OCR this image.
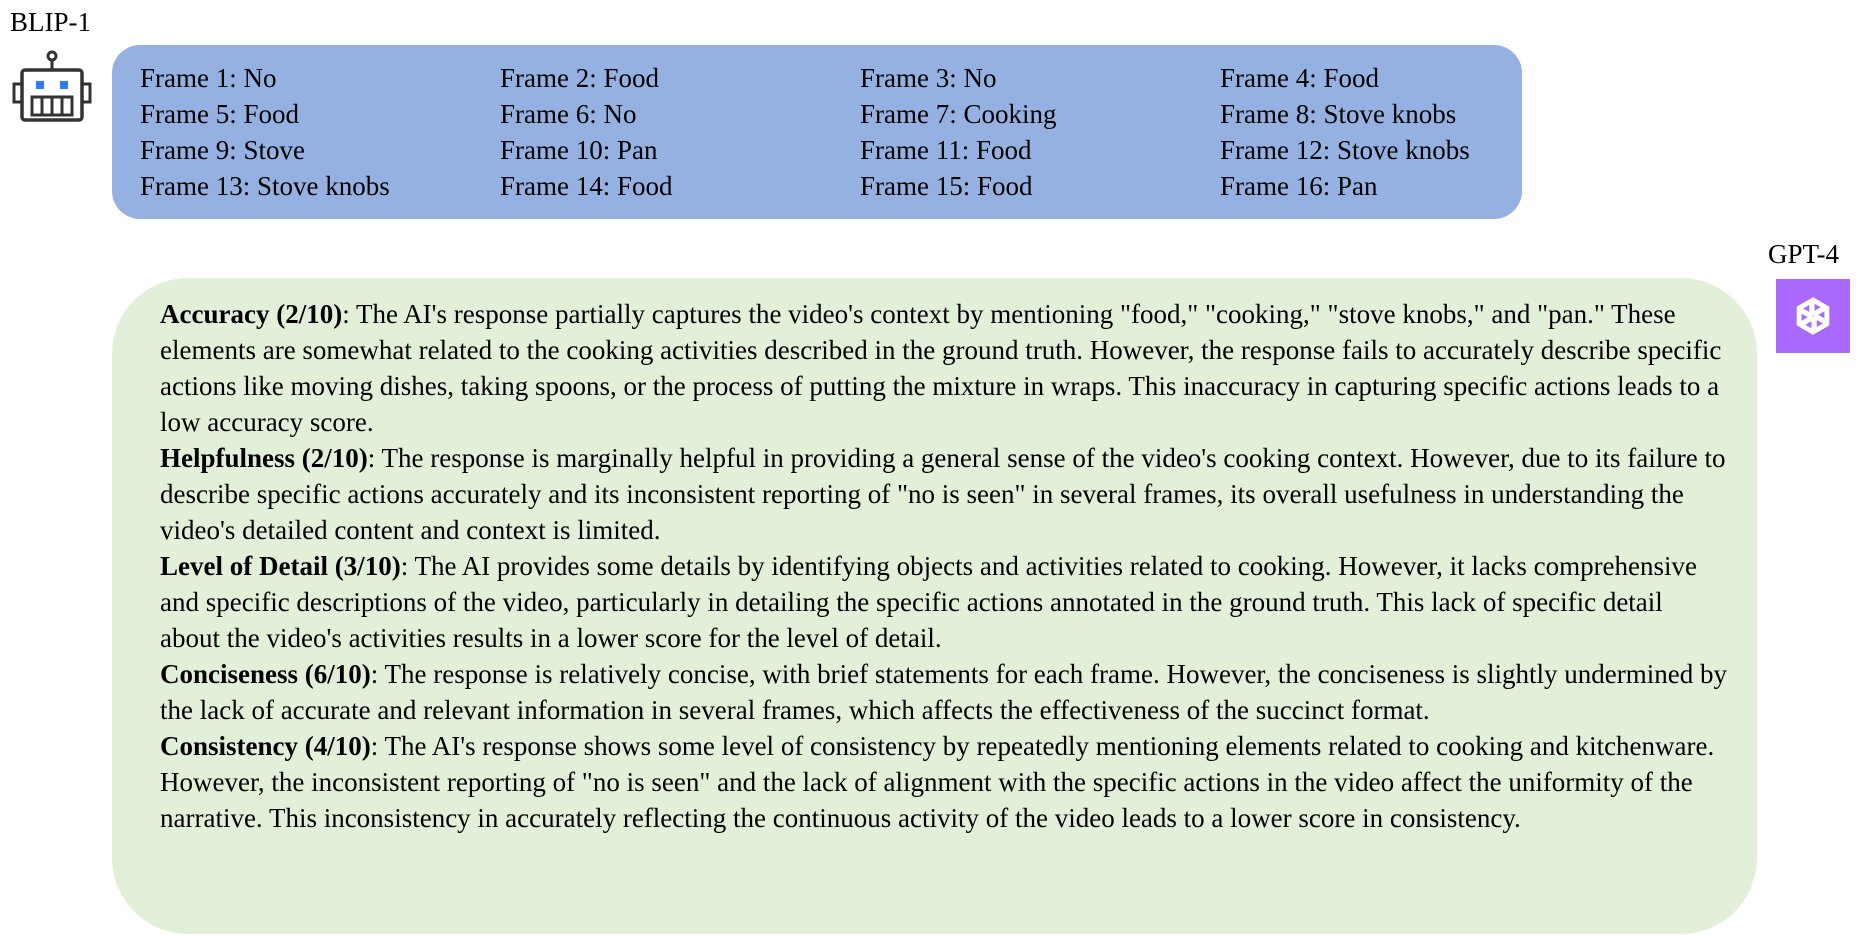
BLIP-1
Frame 1: No	Frame 2: Food	Frame 3: No	Frame 4: Food
Frame 5: Food	Frame 6: No	Frame 7: Cooking	Frame 8: Stove knobs
Frame 9: Stove	Frame 10: Pan	Frame 11: Food	Frame 12: Stove knobs
Frame 13: Stove knobs	Frame 14: Food	Frame 15: Food	Frame 16: Pan
GPT-4

Accuracy (2/10): The AI's response partially captures the video's context by mentioning "food," "cooking," "stove knobs," and "pan." These elements are somewhat related to the cooking activities described in the ground truth. However, the response fails to accurately describe specific actions like moving dishes, taking spoons, or the process of putting the mixture in wraps. This inaccuracy in capturing specific actions leads to a low accuracy score.

Helpfulness (2/10): The response is marginally helpful in providing a general sense of the video's cooking context. However, due to its failure to describe specific actions accurately and its inconsistent reporting of "no is seen" in several frames, its overall usefulness in understanding the video's detailed content and context is limited.

Level of Detail (3/10): The AI provides some details by identifying objects and activities related to cooking. However, it lacks comprehensive and specific descriptions of the video, particularly in detailing the specific actions annotated in the ground truth. This lack of specific detail about the video's activities results in a lower score for the level of detail.

Conciseness (6/10): The response is relatively concise, with brief statements for each frame. However, the conciseness is slightly undermined by the lack of accurate and relevant information in several frames, which affects the effectiveness of the succinct format.

Consistency (4/10): The AI's response shows some level of consistency by repeatedly mentioning elements related to cooking and kitchenware. However, the inconsistent reporting of "no is seen" and the lack of alignment with the specific actions in the video affect the uniformity of the narrative. This inconsistency in accurately reflecting the continuous activity of the video leads to a lower score in consistency.
